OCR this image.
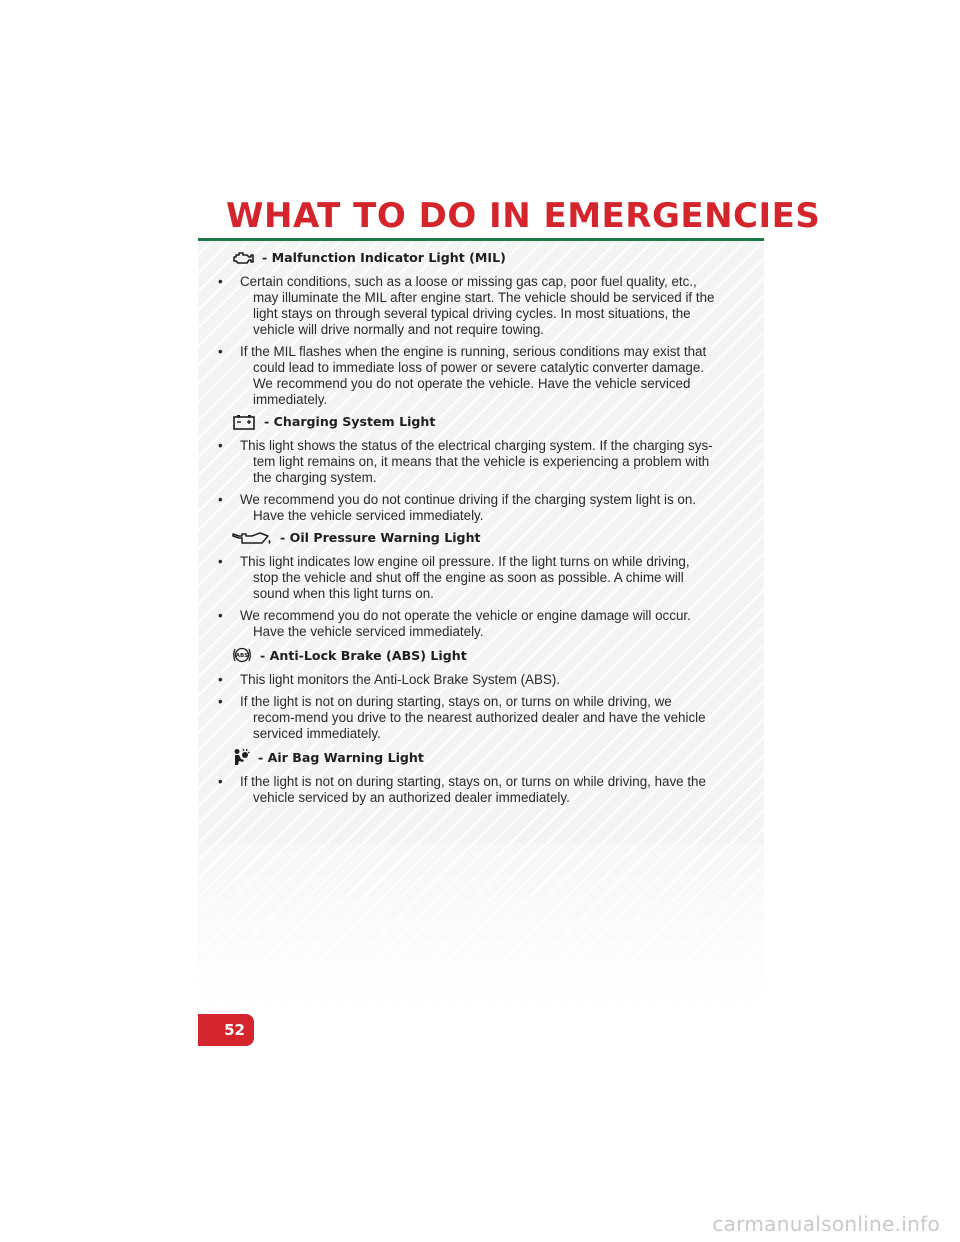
WHAT TO DO IN EMERGENCIES
- Malfunction Indicator Light (MIL)
• Certain conditions, such as a loose or missing gas cap, poor fuel quality, etc., may illuminate the MIL after engine start. The vehicle should be serviced if the light stays on through several typical driving cycles. In most situations, the vehicle will drive normally and not require towing.
• If the MIL flashes when the engine is running, serious conditions may exist that could lead to immediate loss of power or severe catalytic converter damage. We recommend you do not operate the vehicle. Have the vehicle serviced immediately.
- Charging System Light
• This light shows the status of the electrical charging system. If the charging sys-tem light remains on, it means that the vehicle is experiencing a problem with the charging system.
• We recommend you do not continue driving if the charging system light is on. Have the vehicle serviced immediately.
- Oil Pressure Warning Light
• This light indicates low engine oil pressure. If the light turns on while driving, stop the vehicle and shut off the engine as soon as possible. A chime will sound when this light turns on.
• We recommend you do not operate the vehicle or engine damage will occur. Have the vehicle serviced immediately.
ABS - Anti-Lock Brake (ABS) Light
• This light monitors the Anti-Lock Brake System (ABS).
• If the light is not on during starting, stays on, or turns on while driving, we recom-mend you drive to the nearest authorized dealer and have the vehicle serviced immediately.
- Air Bag Warning Light
• If the light is not on during starting, stays on, or turns on while driving, have the vehicle serviced by an authorized dealer immediately.
52
carmanualsonline.info
